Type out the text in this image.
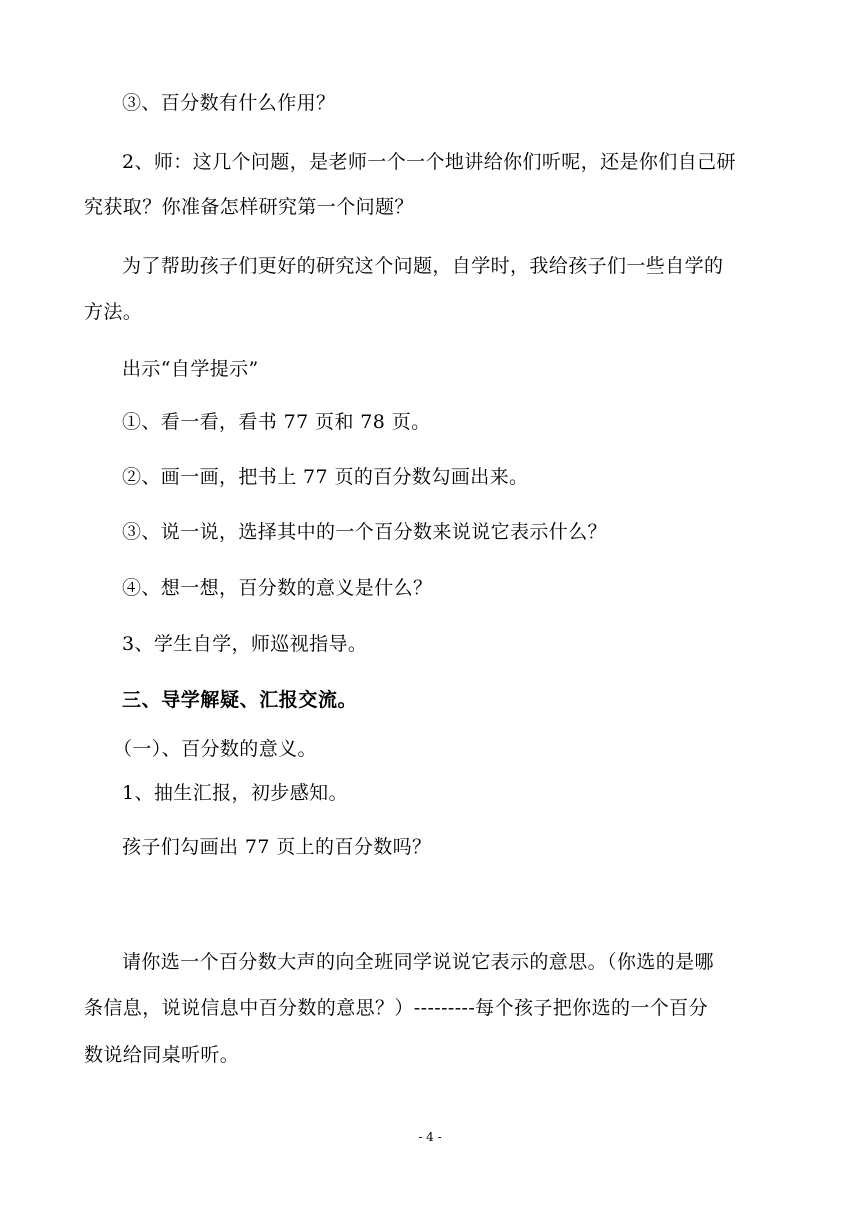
③、百分数有什么作用？
2、师：这几个问题，是老师一个一个地讲给你们听呢，还是你们自己研
究获取？你准备怎样研究第一个问题？
为了帮助孩子们更好的研究这个问题，自学时，我给孩子们一些自学的
方法。
出示“自学提示”
①、看一看，看书 77 页和 78 页。
②、画一画，把书上 77 页的百分数勾画出来。
③、说一说，选择其中的一个百分数来说说它表示什么？
④、想一想，百分数的意义是什么？
3、学生自学，师巡视指导。
三、导学解疑、汇报交流。
（一）、百分数的意义。
1、抽生汇报，初步感知。
孩子们勾画出 77 页上的百分数吗？
请你选一个百分数大声的向全班同学说说它表示的意思。（你选的是哪
条信息，说说信息中百分数的意思？）---------每个孩子把你选的一个百分
数说给同桌听听。
- 4 -
